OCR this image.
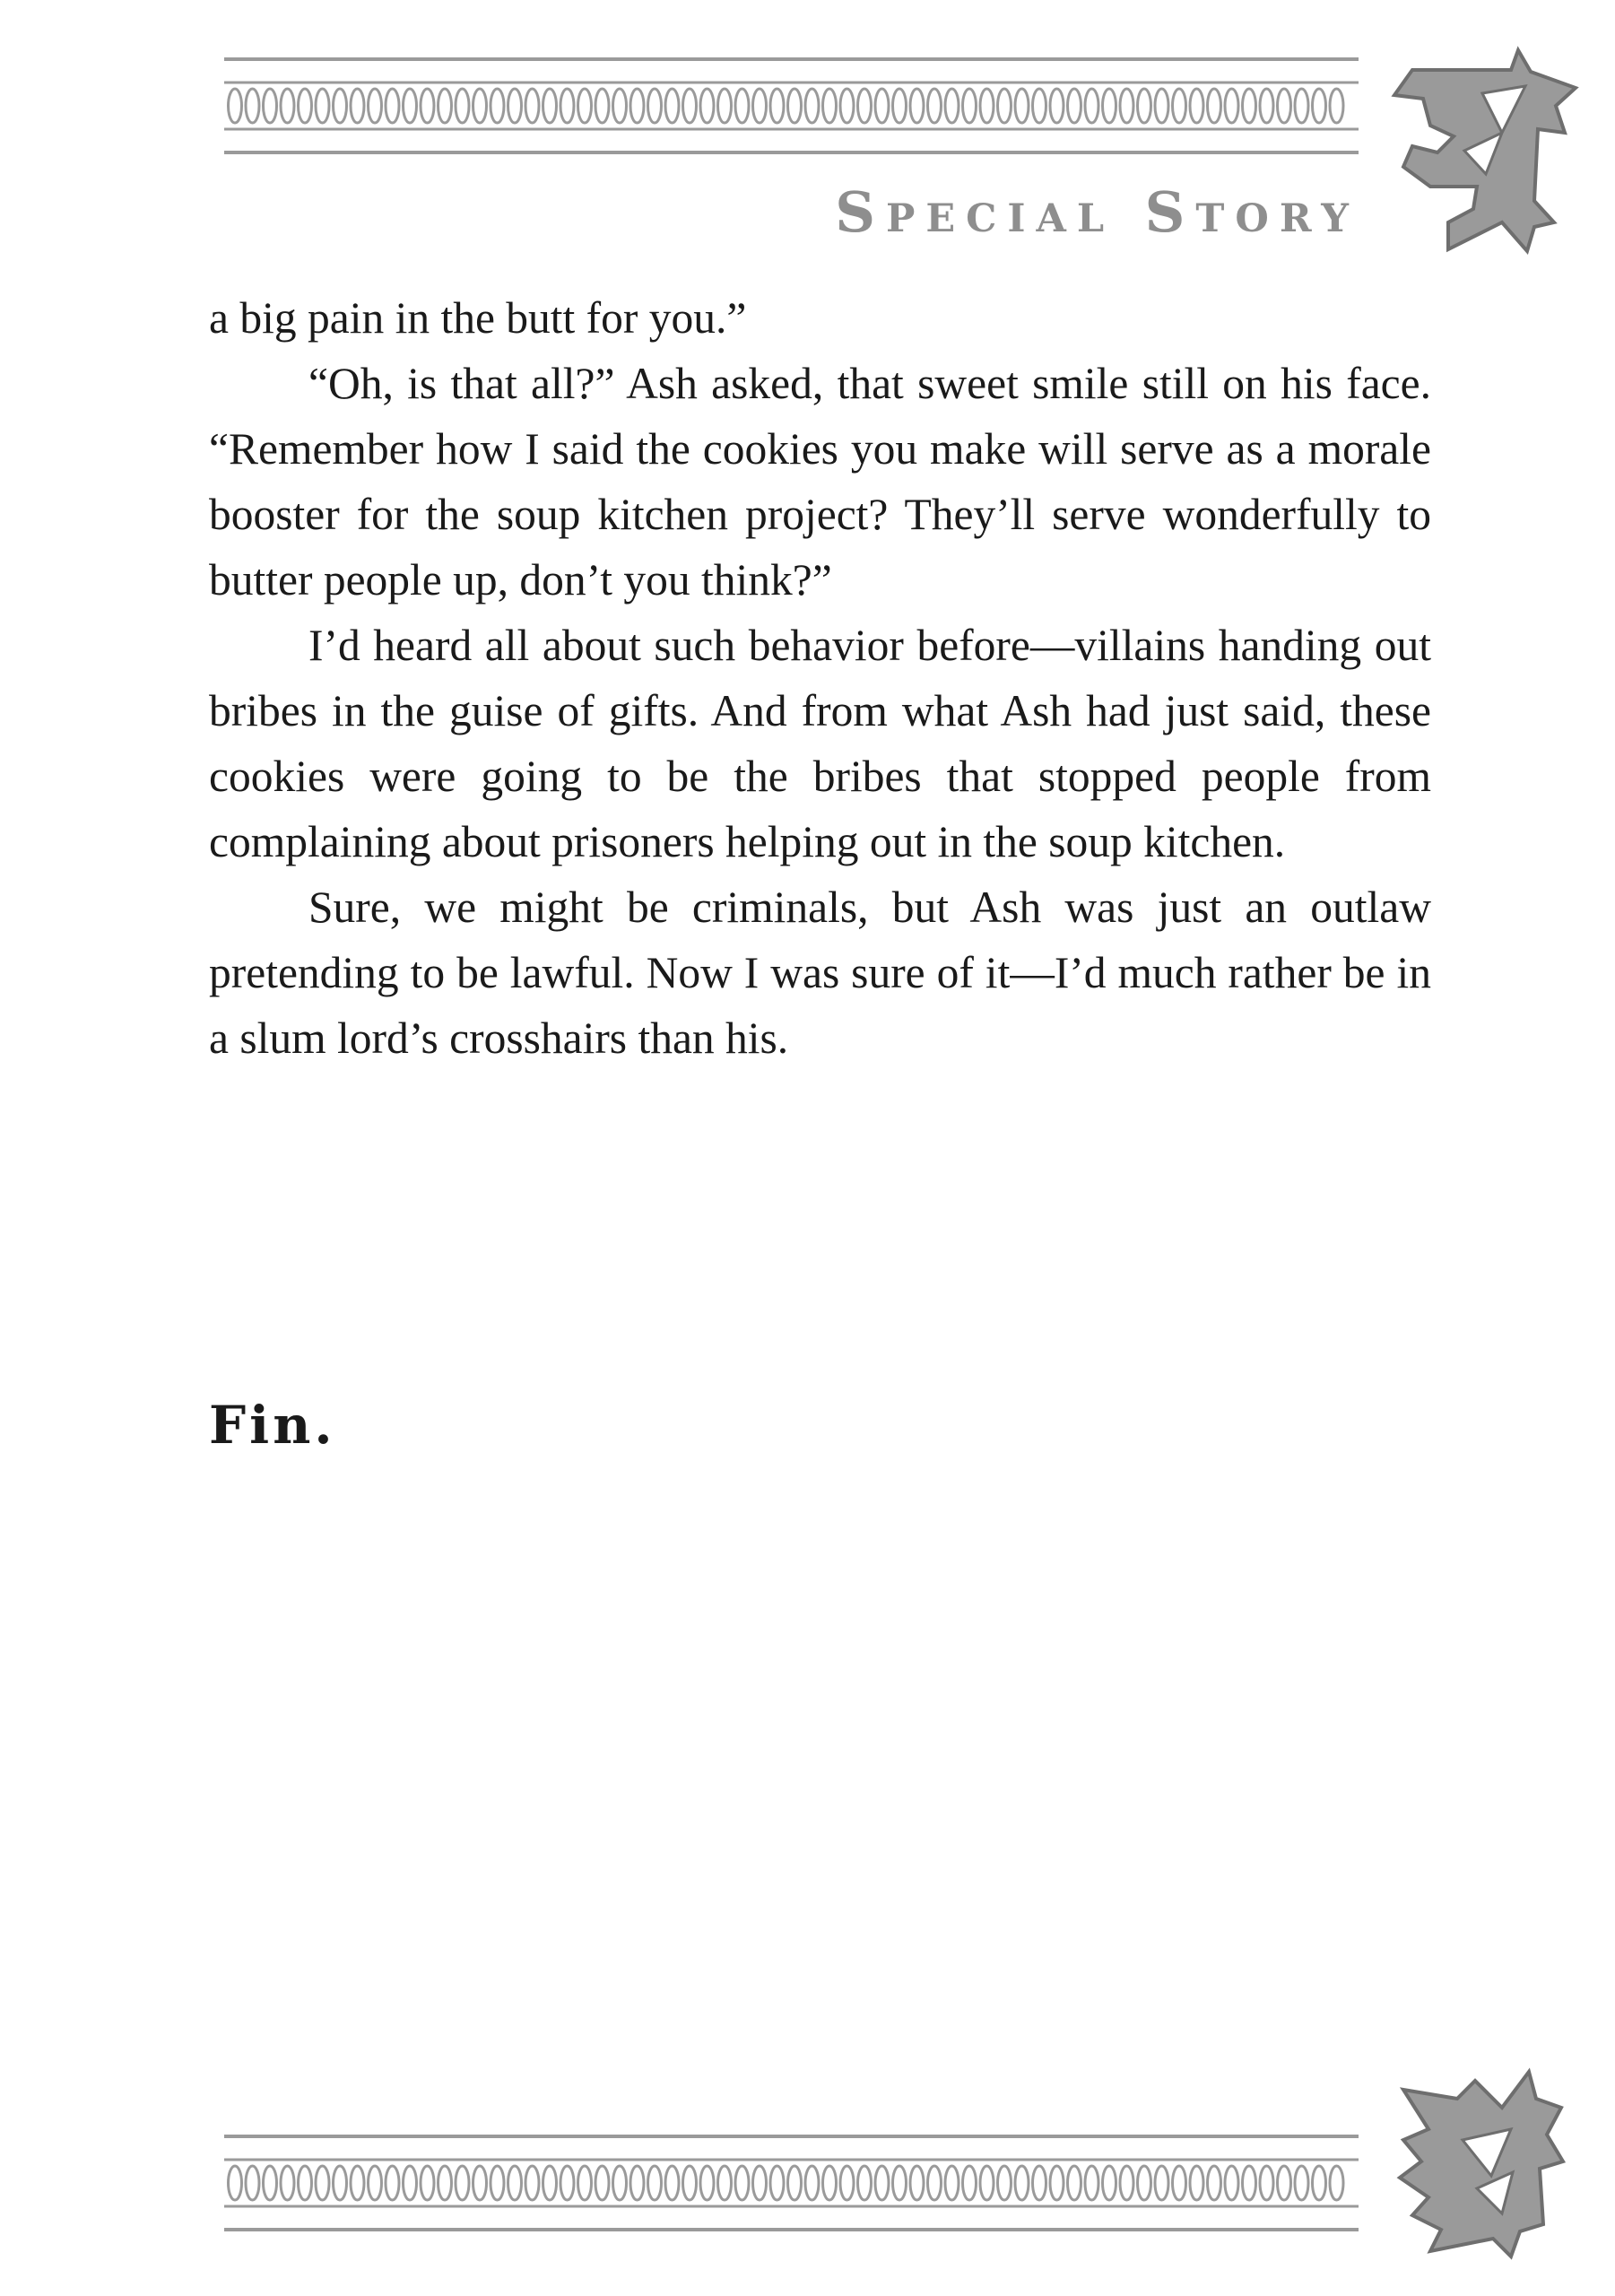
Special Story

a big pain in the butt for you.”

“Oh, is that all?” Ash asked, that sweet smile still on his face. “Remember how I said the cookies you make will serve as a morale booster for the soup kitchen project? They’ll serve wonderfully to butter people up, don’t you think?”

I’d heard all about such behavior before—villains handing out bribes in the guise of gifts. And from what Ash had just said, these cookies were going to be the bribes that stopped people from complaining about prisoners helping out in the soup kitchen.

Sure, we might be criminals, but Ash was just an outlaw pretending to be lawful. Now I was sure of it—I’d much rather be in a slum lord’s crosshairs than his.

Fin.
